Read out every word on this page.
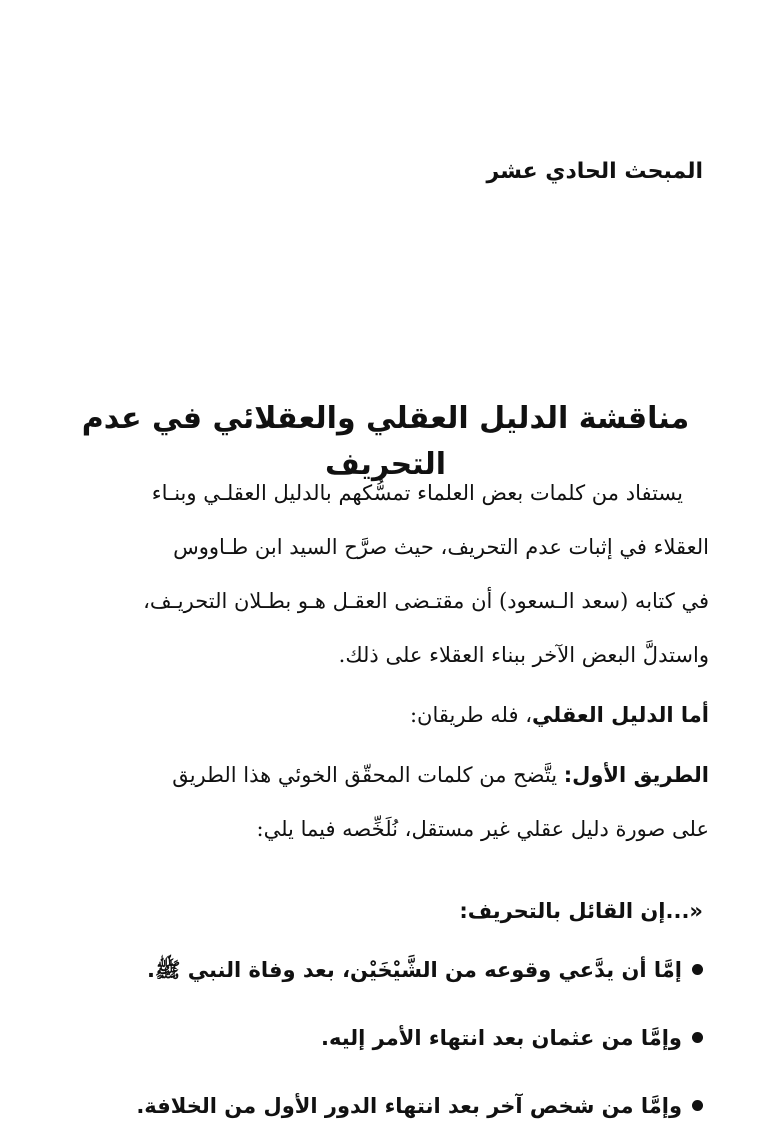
المبحث الحادي عشر
مناقشة الدليل العقلي والعقلائي في عدم التحريف
يستفاد من كلمات بعض العلماء تمسُّكهم بالدليل العقلـي وبنـاء
العقلاء في إثبات عدم التحريف، حيث صرَّح السيد ابن طـاووس
في كتابه (سعد الـسعود) أن مقتـضى العقـل هـو بطـلان التحريـف،
واستدلَّ البعض الآخر ببناء العقلاء على ذلك.
أما الدليل العقلي، فله طريقان:
الطريق الأول: يتَّضح من كلمات المحقّق الخوئي هذا الطريق
على صورة دليل عقلي غير مستقل، نُلَخِّصه فيما يلي:
«...إن القائل بالتحريف:
إمَّا أن يدَّعي وقوعه من الشَّيْخَيْن، بعد وفاة النبي ﷺ.
وإمَّا من عثمان بعد انتهاء الأمر إليه.
وإمَّا من شخص آخر بعد انتهاء الدور الأول من الخلافة.
